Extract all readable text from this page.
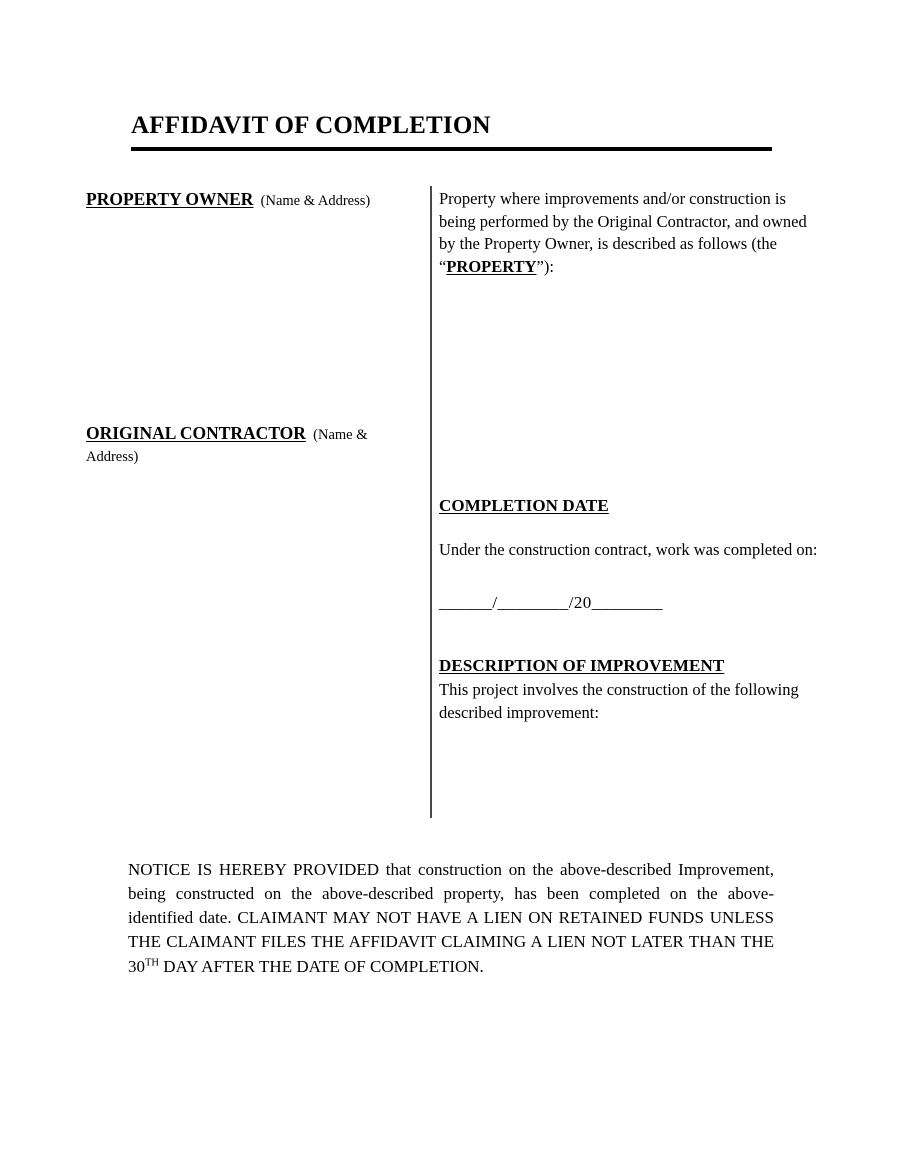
AFFIDAVIT OF COMPLETION

PROPERTY OWNER (Name & Address)

ORIGINAL CONTRACTOR (Name & Address)

Property where improvements and/or construction is being performed by the Original Contractor, and owned by the Property Owner, is described as follows (the “PROPERTY”):

COMPLETION DATE

Under the construction contract, work was completed on:

______/________/20________

DESCRIPTION OF IMPROVEMENT

This project involves the construction of the following described improvement:

NOTICE IS HEREBY PROVIDED that construction on the above-described Improvement, being constructed on the above-described property, has been completed on the above-identified date. CLAIMANT MAY NOT HAVE A LIEN ON RETAINED FUNDS UNLESS THE CLAIMANT FILES THE AFFIDAVIT CLAIMING A LIEN NOT LATER THAN THE 30TH DAY AFTER THE DATE OF COMPLETION.
